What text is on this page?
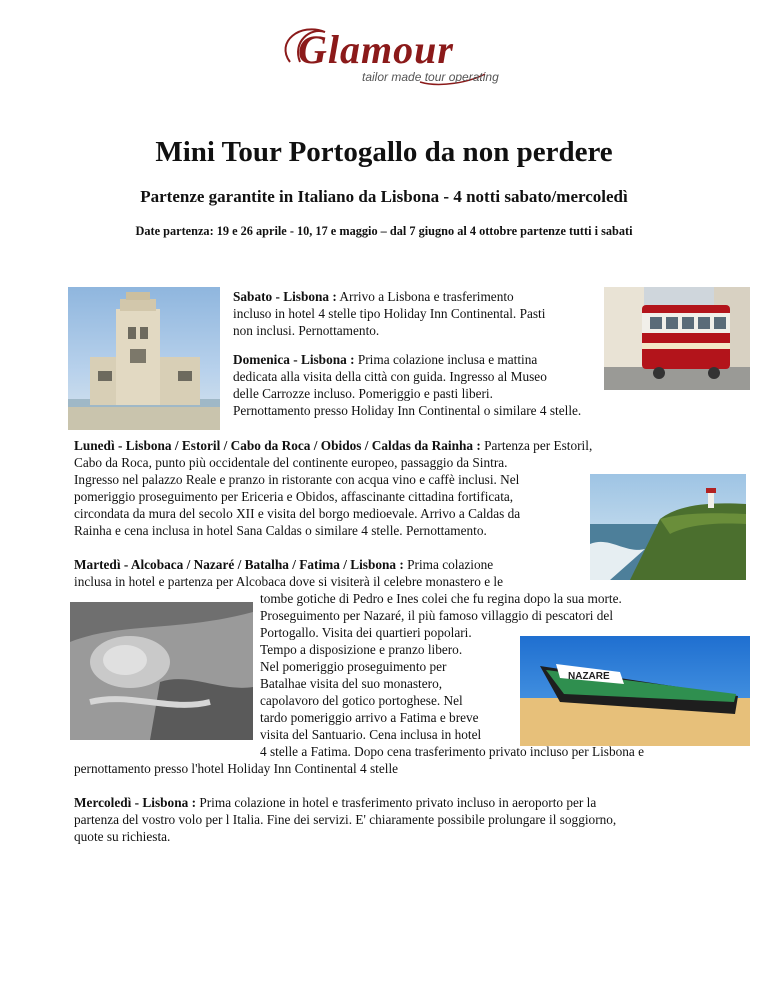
Glamour
tailor made tour operating
Mini Tour Portogallo da non perdere
Partenze garantite in Italiano da Lisbona - 4 notti sabato/mercoledì
Date partenza: 19 e 26 aprile - 10, 17 e maggio – dal 7 giugno al 4 ottobre partenze tutti i sabati
NAZARE
Sabato - Lisbona : Arrivo a Lisbona e trasferimento
incluso in hotel 4 stelle tipo Holiday Inn Continental. Pasti
non inclusi. Pernottamento.
Domenica - Lisbona : Prima colazione inclusa e mattina
dedicata alla visita della città con guida. Ingresso al Museo
delle Carrozze incluso. Pomeriggio e pasti liberi.
Pernottamento presso Holiday Inn Continental o similare 4 stelle.
Lunedì - Lisbona / Estoril / Cabo da Roca / Obidos / Caldas da Rainha : Partenza per Estoril,
Cabo da Roca, punto più occidentale del continente europeo, passaggio da Sintra.
Ingresso nel palazzo Reale e pranzo in ristorante con acqua vino e caffè inclusi. Nel
pomeriggio proseguimento per Ericeria e Obidos, affascinante cittadina fortificata,
circondata da mura del secolo XII e visita del borgo medioevale. Arrivo a Caldas da
Rainha e cena inclusa in hotel Sana Caldas o similare 4 stelle. Pernottamento.
Martedì - Alcobaca / Nazaré / Batalha / Fatima / Lisbona : Prima colazione
inclusa in hotel e partenza per Alcobaca dove si visiterà il celebre monastero e le
tombe gotiche di Pedro e Ines colei che fu regina dopo la sua morte.
Proseguimento per Nazaré, il più famoso villaggio di pescatori del
Portogallo. Visita dei quartieri popolari.
Tempo a disposizione e pranzo libero.
Nel pomeriggio proseguimento per
Batalhae visita del suo monastero,
capolavoro del gotico portoghese. Nel
tardo pomeriggio arrivo a Fatima e breve
visita del Santuario. Cena inclusa in hotel
4 stelle a Fatima. Dopo cena trasferimento privato incluso per Lisbona e
pernottamento presso l'hotel Holiday Inn Continental 4 stelle
Mercoledì - Lisbona : Prima colazione in hotel e trasferimento privato incluso in aeroporto per la
partenza del vostro volo per l Italia. Fine dei servizi. E' chiaramente possibile prolungare il soggiorno,
quote su richiesta.
